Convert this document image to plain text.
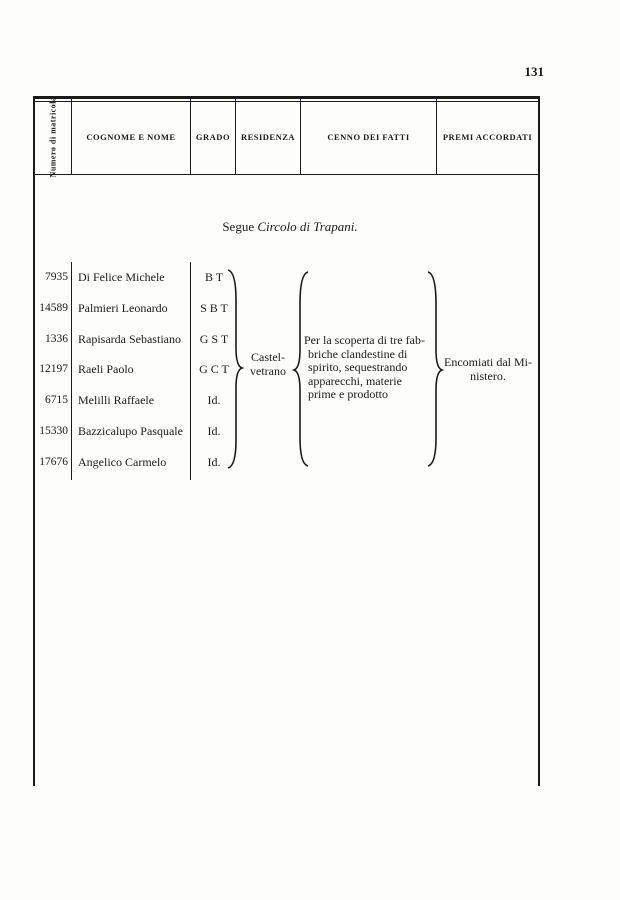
131
Numero di matricola	COGNOME E NOME	GRADO	RESIDENZA	CENNO DEI FATTI	PREMI ACCORDATI
Segue Circolo di Trapani.
7935 Di Felice Michele	B T
14589 Palmieri Leonardo	S B T
1336 Rapisarda Sebastiano	G S T
12197 Raeli Paolo	G C T
6715 Melilli Raffaele	Id.
15330 Bazzicalupo Pasquale	Id.
17676 Angelico Carmelo	Id.
Castel-
vetrano
Per la scoperta di tre fab-
briche clandestine di
spirito, sequestrando
apparecchi, materie
prime e prodotto
Encomiati dal Mi-
nistero.
